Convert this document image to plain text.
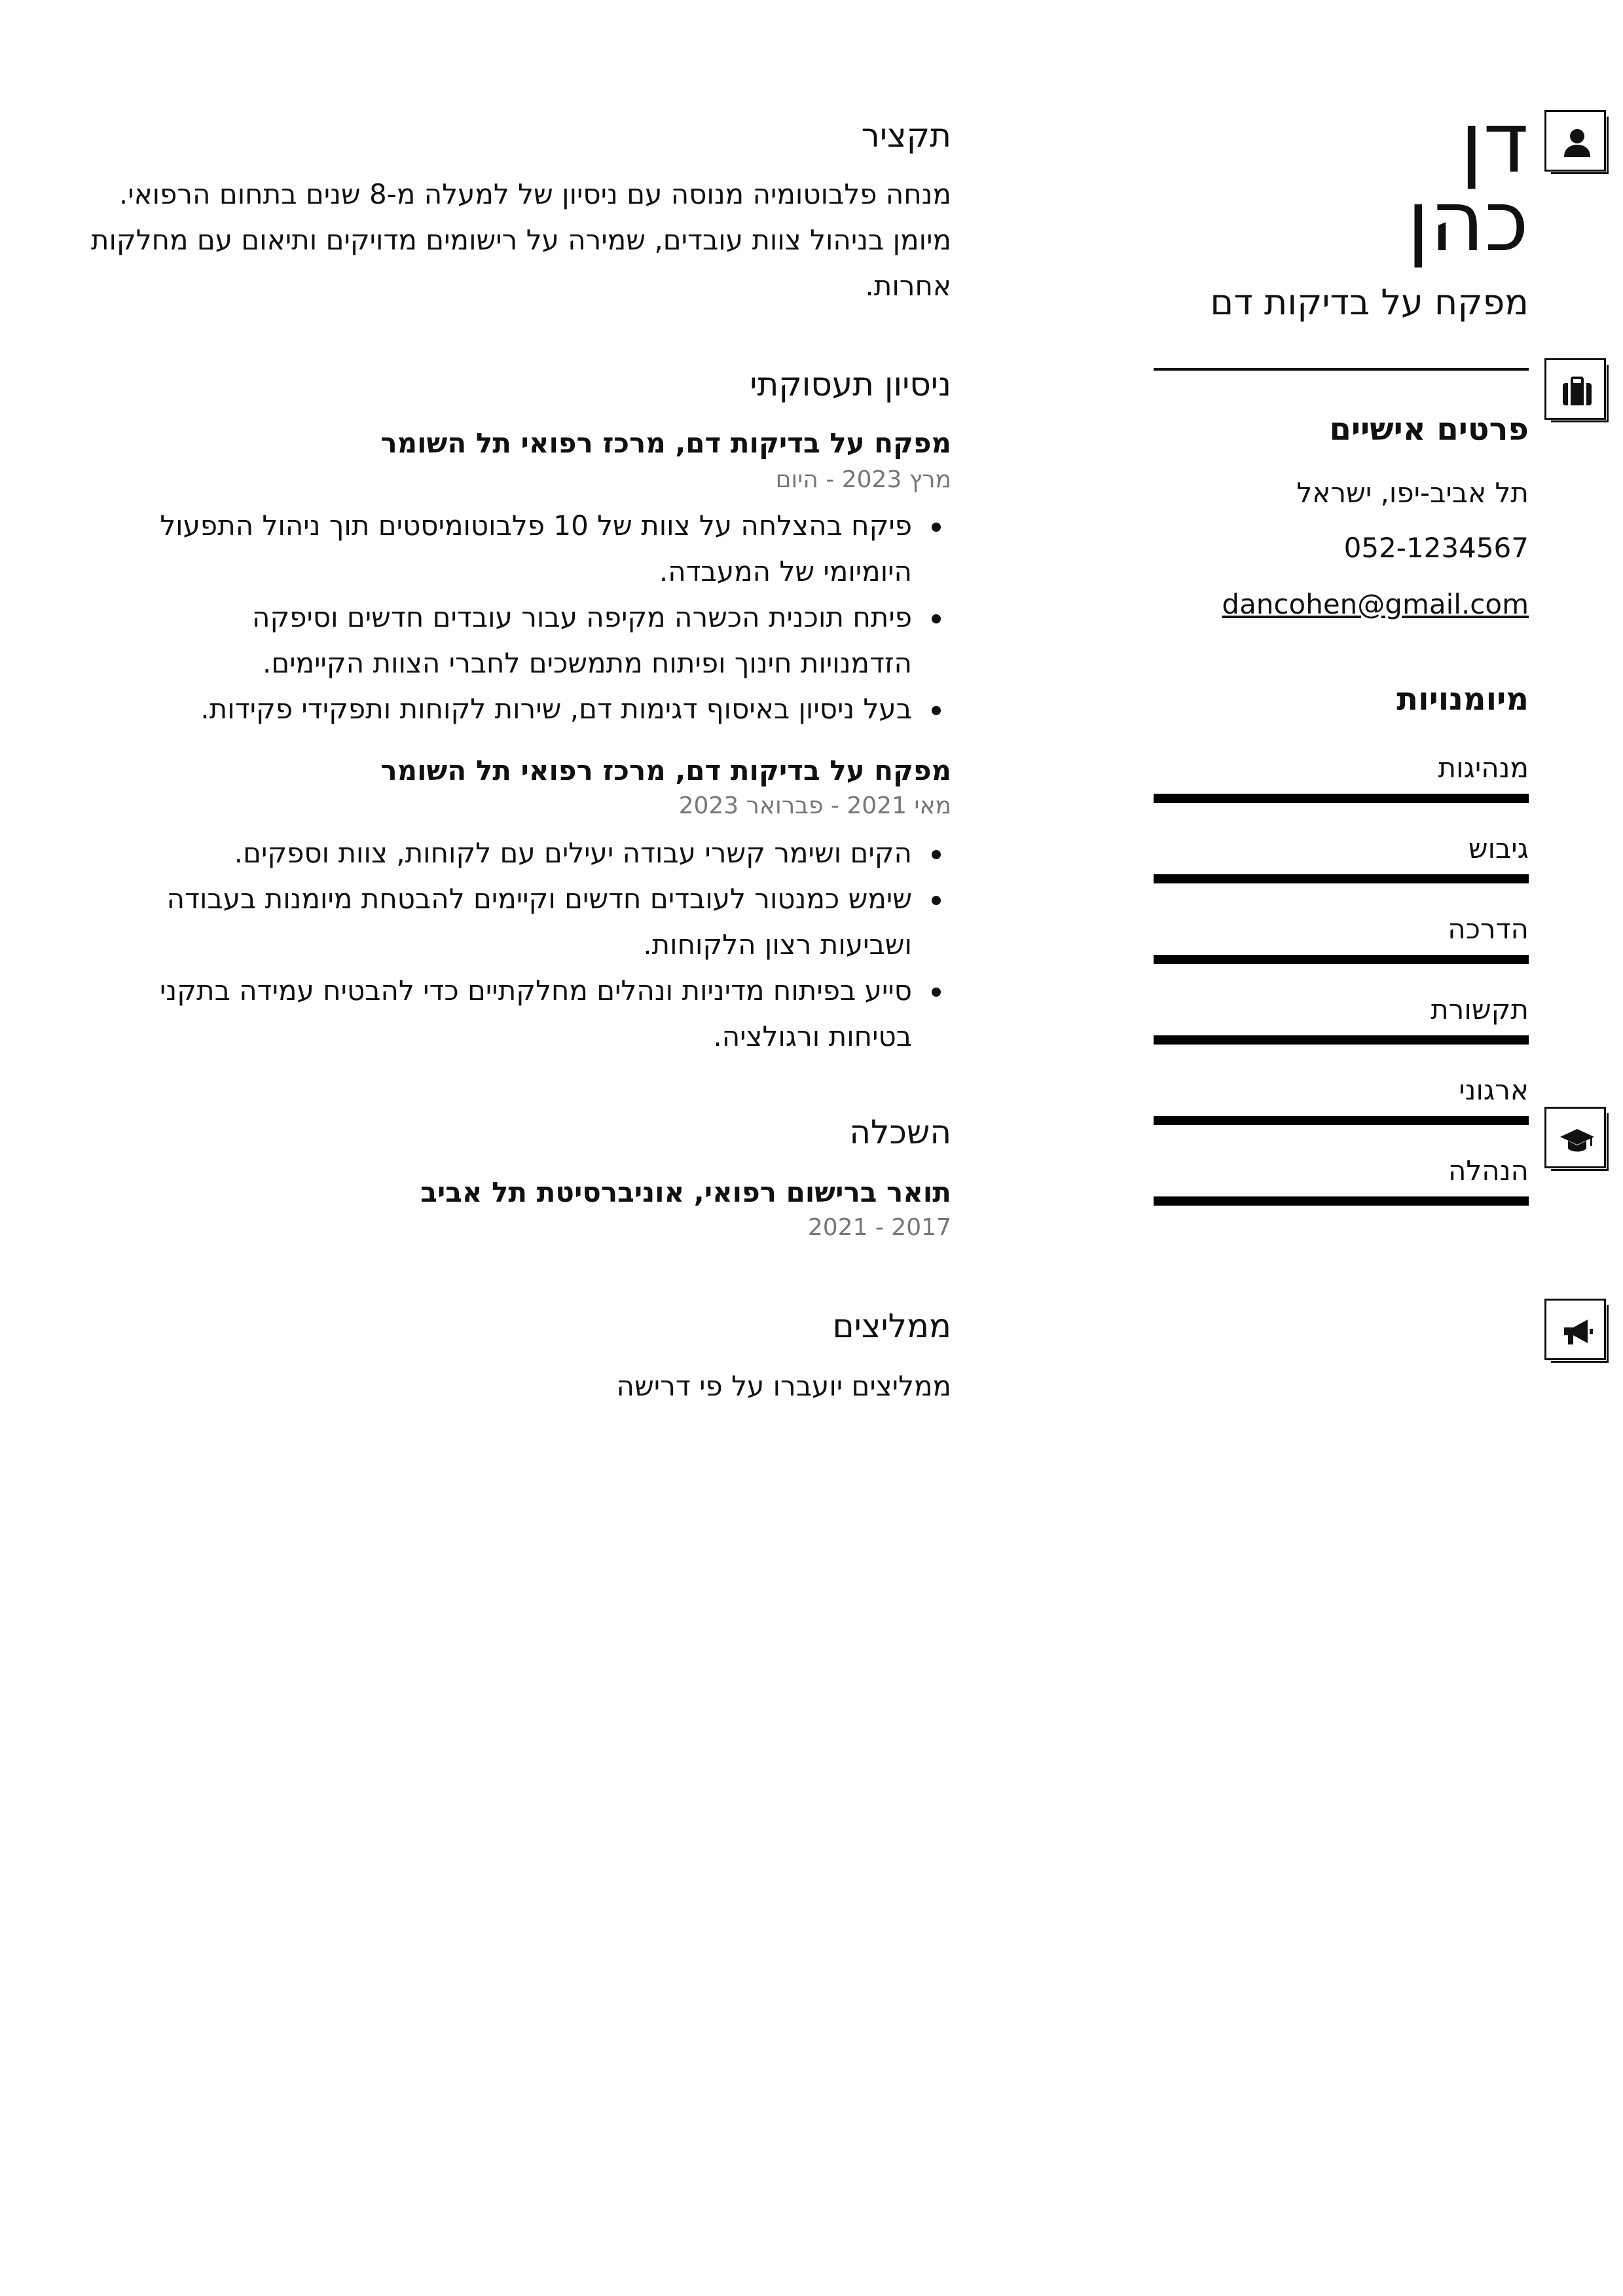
דן
כהן
מפקח על בדיקות דם
פרטים אישיים
תל אביב-יפו, ישראל
052-1234567
dancohen@gmail.com
מיומנויות
מנהיגות
גיבוש
הדרכה
תקשורת
ארגוני
הנהלה
תקציר
מנחה פלבוטומיה מנוסה עם ניסיון של למעלה מ-8 שנים בתחום הרפואי.
מיומן בניהול צוות עובדים, שמירה על רישומים מדויקים ותיאום עם מחלקות
אחרות.
ניסיון תעסוקתי
מפקח על בדיקות דם, מרכז רפואי תל השומר
מרץ 2023 - היום
פיקח בהצלחה על צוות של 10 פלבוטומיסטים תוך ניהול התפעול
היומיומי של המעבדה.
פיתח תוכנית הכשרה מקיפה עבור עובדים חדשים וסיפקה
הזדמנויות חינוך ופיתוח מתמשכים לחברי הצוות הקיימים.
בעל ניסיון באיסוף דגימות דם, שירות לקוחות ותפקידי פקידות.
מפקח על בדיקות דם, מרכז רפואי תל השומר
מאי 2021 - פברואר 2023
הקים ושימר קשרי עבודה יעילים עם לקוחות, צוות וספקים.
שימש כמנטור לעובדים חדשים וקיימים להבטחת מיומנות בעבודה
ושביעות רצון הלקוחות.
סייע בפיתוח מדיניות ונהלים מחלקתיים כדי להבטיח עמידה בתקני
בטיחות ורגולציה.
השכלה
תואר ברישום רפואי, אוניברסיטת תל אביב
2017 - 2021
ממליצים
ממליצים יועברו על פי דרישה
